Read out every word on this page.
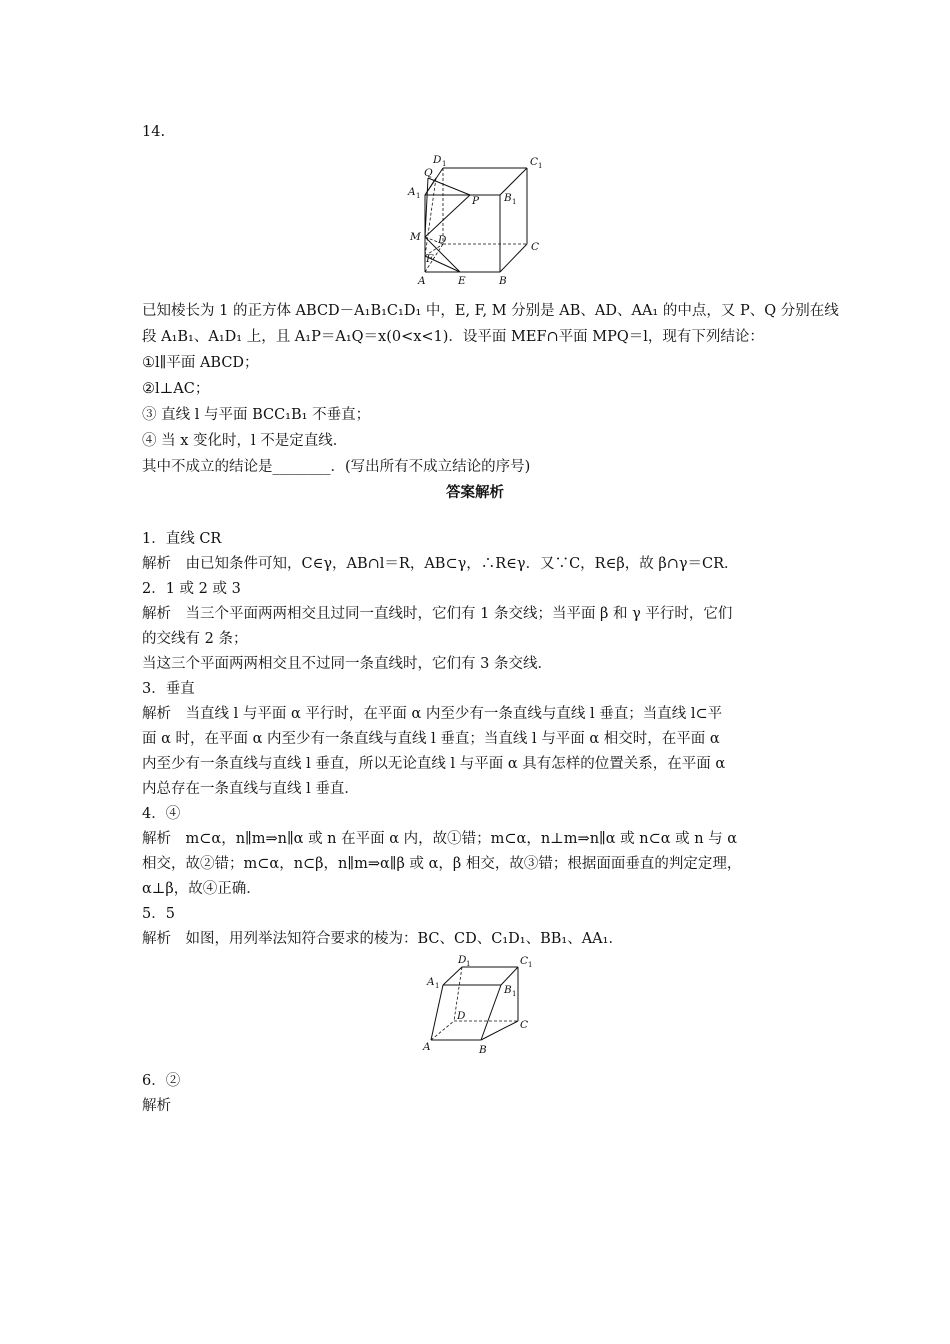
14.
D 1	C 1
Q
A 1	P B 1
M D
C
F
A	E	B
已知棱长为 1 的正方体 ABCD－A₁B₁C₁D₁ 中，E, F, M 分别是 AB、AD、AA₁ 的中点，又 P、Q 分别在线
段 A₁B₁、A₁D₁ 上，且 A₁P＝A₁Q＝x(0<x<1)．设平面 MEF∩平面 MPQ＝l，现有下列结论：
①l∥平面 ABCD；
②l⊥AC；
③ 直线 l 与平面 BCC₁B₁ 不垂直；
④ 当 x 变化时，l 不是定直线．
其中不成立的结论是________．(写出所有不成立结论的序号)
答案解析
1．直线 CR
解析　由已知条件可知，C∈γ，AB∩l＝R，AB⊂γ，∴R∈γ．又∵C，R∈β，故 β∩γ＝CR．
2．1 或 2 或 3
解析　当三个平面两两相交且过同一直线时，它们有 1 条交线；当平面 β 和 γ 平行时，它们
的交线有 2 条；
当这三个平面两两相交且不过同一条直线时，它们有 3 条交线．
3．垂直
解析　当直线 l 与平面 α 平行时，在平面 α 内至少有一条直线与直线 l 垂直；当直线 l⊂平
面 α 时，在平面 α 内至少有一条直线与直线 l 垂直；当直线 l 与平面 α 相交时，在平面 α
内至少有一条直线与直线 l 垂直，所以无论直线 l 与平面 α 具有怎样的位置关系，在平面 α
内总存在一条直线与直线 l 垂直．
4．④
解析　m⊂α，n∥m⇒n∥α 或 n 在平面 α 内，故①错；m⊂α，n⊥m⇒n∥α 或 n⊂α 或 n 与 α
相交，故②错；m⊂α，n⊂β，n∥m⇒α∥β 或 α，β 相交，故③错；根据面面垂直的判定定理，
α⊥β，故④正确．
5．5
解析　如图，用列举法知符合要求的棱为：BC、CD、C₁D₁、BB₁、AA₁．
D 1	C 1
A 1	B 1
D
C
A	B
6．②
解析
